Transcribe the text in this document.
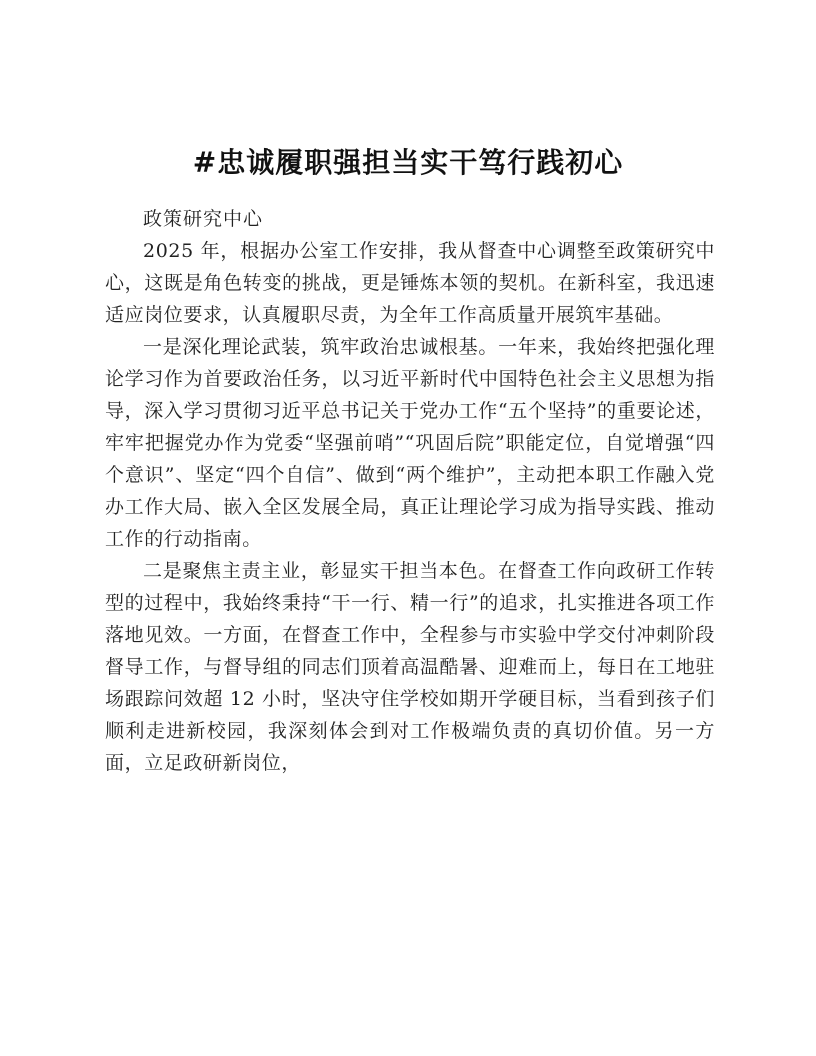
#忠诚履职强担当实干笃行践初心
政策研究中心

2025 年，根据办公室工作安排，我从督查中心调整至政策研究中心，这既是角色转变的挑战，更是锤炼本领的契机。在新科室，我迅速适应岗位要求，认真履职尽责，为全年工作高质量开展筑牢基础。

一是深化理论武装，筑牢政治忠诚根基。一年来，我始终把强化理论学习作为首要政治任务，以习近平新时代中国特色社会主义思想为指导，深入学习贯彻习近平总书记关于党办工作“五个坚持”的重要论述，牢牢把握党办作为党委“坚强前哨”“巩固后院”职能定位，自觉增强“四个意识”、坚定“四个自信”、做到“两个维护”，主动把本职工作融入党办工作大局、嵌入全区发展全局，真正让理论学习成为指导实践、推动工作的行动指南。

二是聚焦主责主业，彰显实干担当本色。在督查工作向政研工作转型的过程中，我始终秉持“干一行、精一行”的追求，扎实推进各项工作落地见效。一方面，在督查工作中，全程参与市实验中学交付冲刺阶段督导工作，与督导组的同志们顶着高温酷暑、迎难而上，每日在工地驻场跟踪问效超 12 小时，坚决守住学校如期开学硬目标，当看到孩子们顺利走进新校园，我深刻体会到对工作极端负责的真切价值。另一方面，立足政研新岗位，
